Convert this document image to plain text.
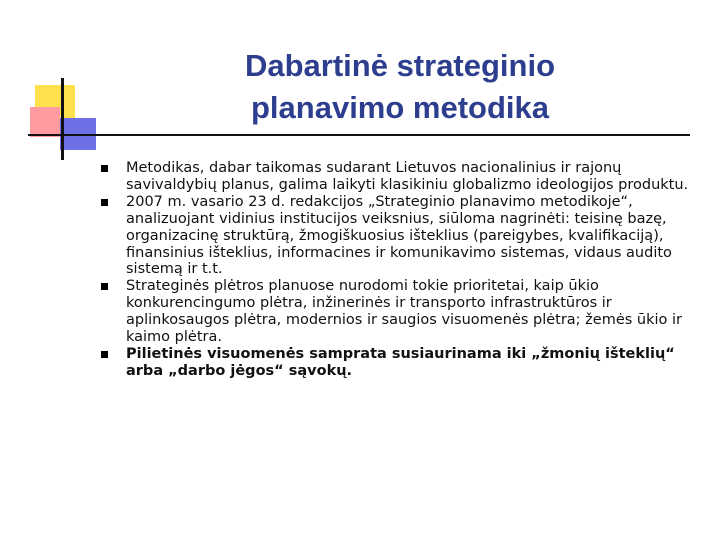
Dabartinė strateginio
planavimo metodika
Metodikas, dabar taikomas sudarant Lietuvos nacionalinius ir rajonų savivaldybių planus, galima laikyti klasikiniu globalizmo ideologijos produktu.
2007 m. vasario 23 d. redakcijos „Strateginio planavimo metodikoje“, analizuojant vidinius institucijos veiksnius, siūloma nagrinėti: teisinę bazę, organizacinę struktūrą, žmogiškuosius išteklius (pareigybes, kvalifikaciją), finansinius išteklius, informacines ir komunikavimo sistemas, vidaus audito sistemą ir t.t.
Strateginės plėtros planuose nurodomi tokie prioritetai, kaip ūkio konkurencingumo plėtra, inžinerinės ir transporto infrastruktūros ir aplinkosaugos plėtra, modernios ir saugios visuomenės plėtra; žemės ūkio ir kaimo plėtra.
Pilietinės visuomenės samprata susiaurinama iki „žmonių išteklių“ arba „darbo jėgos“ sąvokų.
